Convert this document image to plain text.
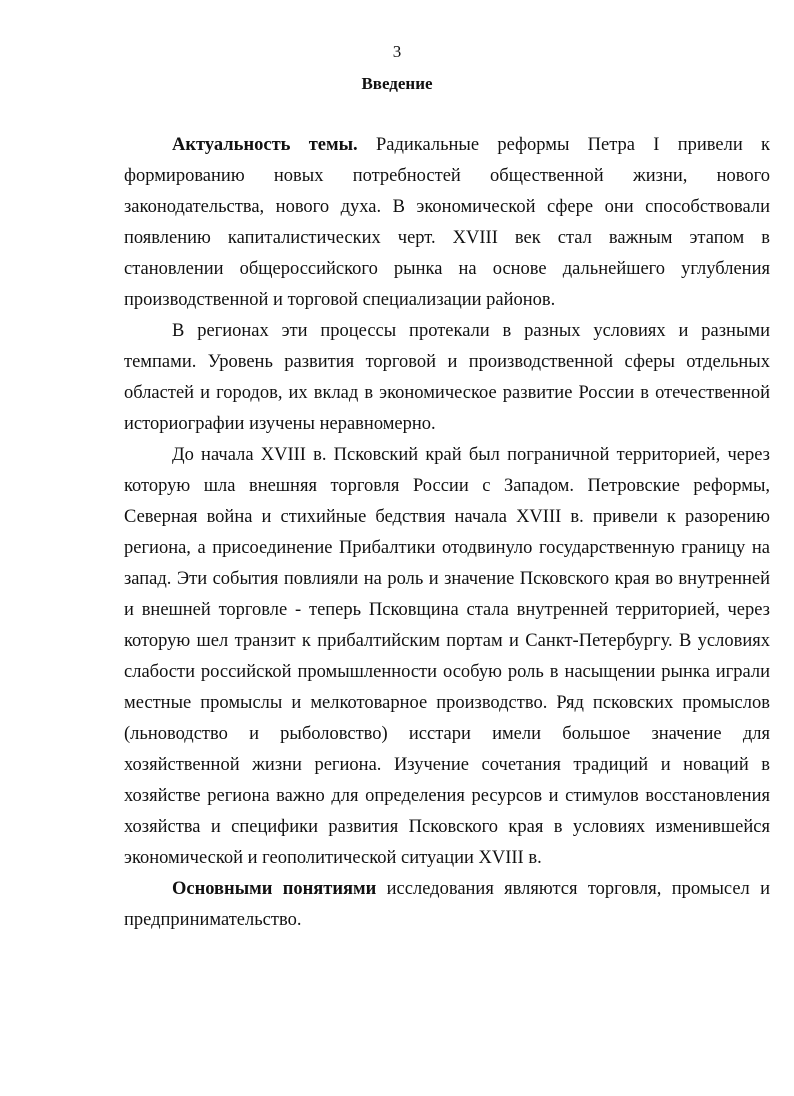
3
Введение

Актуальность темы. Радикальные реформы Петра I привели к формированию новых потребностей общественной жизни, нового законодательства, нового духа. В экономической сфере они способствовали появлению капиталистических черт. XVIII век стал важным этапом в становлении общероссийского рынка на основе дальнейшего углубления производственной и торговой специализации районов.

В регионах эти процессы протекали в разных условиях и разными темпами. Уровень развития торговой и производственной сферы отдельных областей и городов, их вклад в экономическое развитие России в отечественной историографии изучены неравномерно.

До начала XVIII в. Псковский край был пограничной территорией, через которую шла внешняя торговля России с Западом. Петровские реформы, Северная война и стихийные бедствия начала XVIII в. привели к разорению региона, а присоединение Прибалтики отодвинуло государственную границу на запад. Эти события повлияли на роль и значение Псковского края во внутренней и внешней торговле - теперь Псковщина стала внутренней территорией, через которую шел транзит к прибалтийским портам и Санкт-Петербургу. В условиях слабости российской промышленности особую роль в насыщении рынка играли местные промыслы и мелкотоварное производство. Ряд псковских промыслов (льноводство и рыболовство) исстари имели большое значение для хозяйственной жизни региона. Изучение сочетания традиций и новаций в хозяйстве региона важно для определения ресурсов и стимулов восстановления хозяйства и специфики развития Псковского края в условиях изменившейся экономической и геополитической ситуации XVIII в.

Основными понятиями исследования являются торговля, промысел и предпринимательство.
